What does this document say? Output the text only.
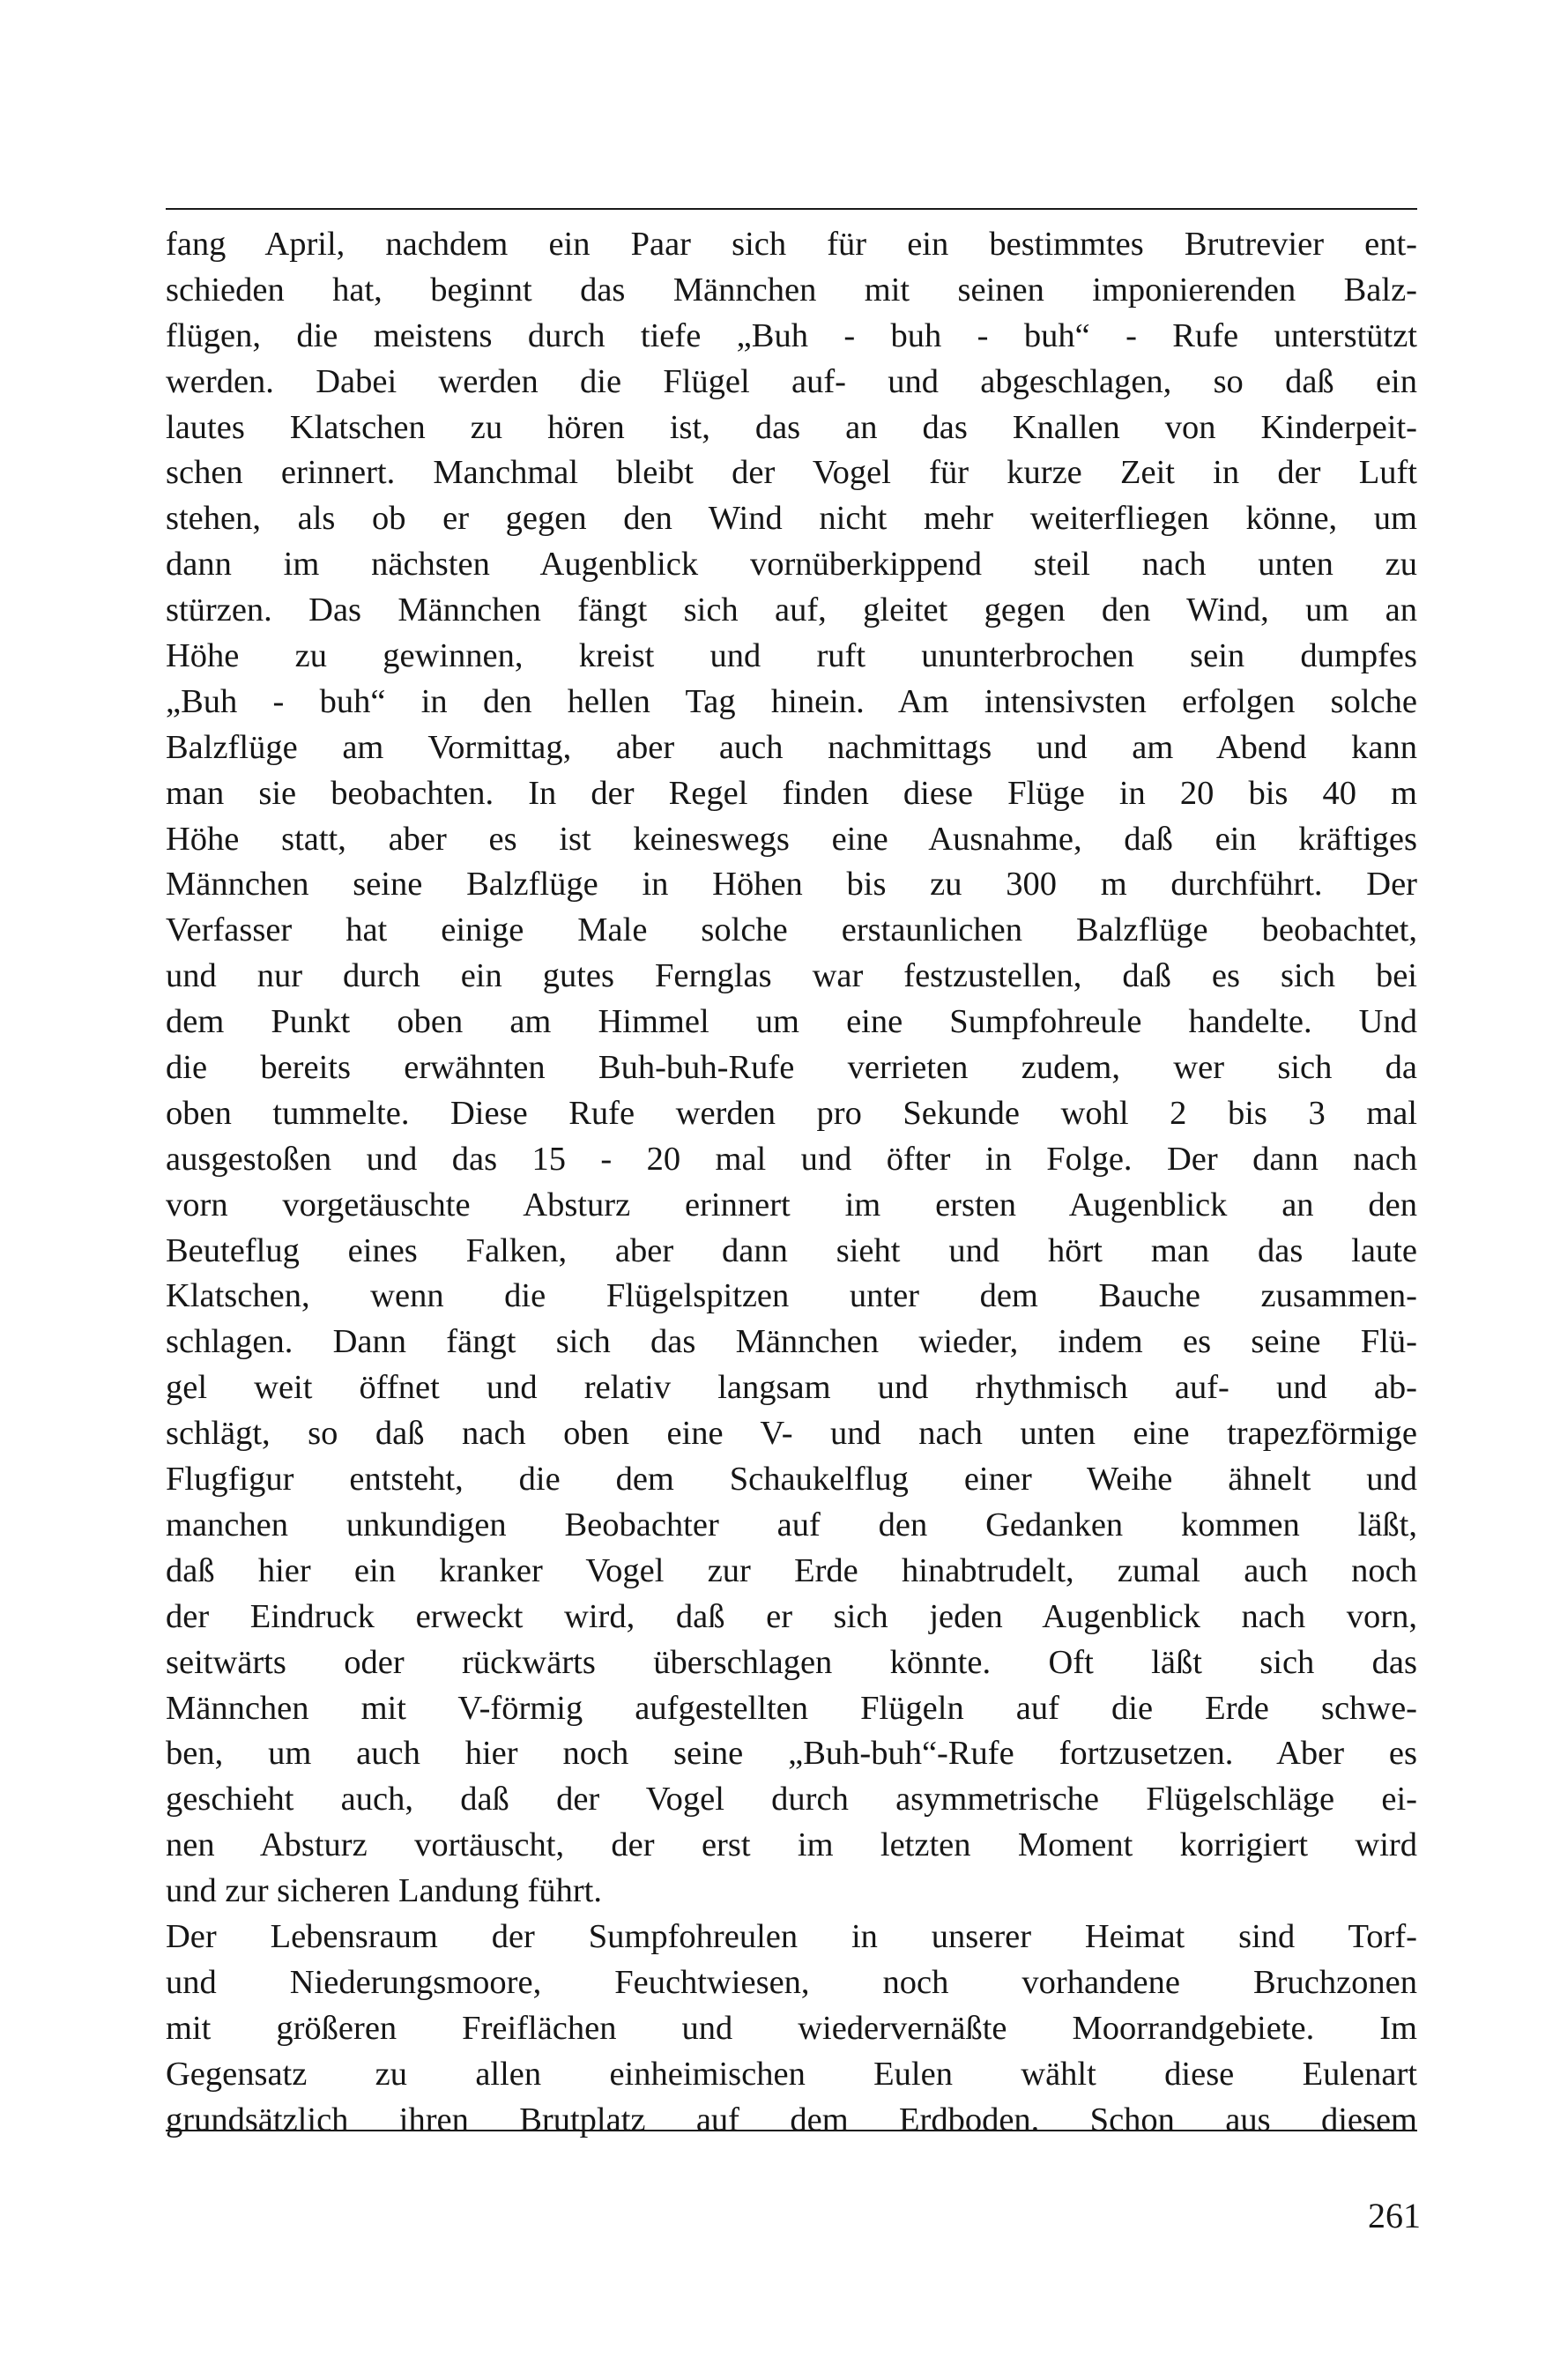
fang April, nachdem ein Paar sich für ein bestimmtes Brutrevier ent-
schieden hat, beginnt das Männchen mit seinen imponierenden Balz-
flügen, die meistens durch tiefe „Buh - buh - buh“ - Rufe unterstützt
werden. Dabei werden die Flügel auf- und abgeschlagen, so daß ein
lautes Klatschen zu hören ist, das an das Knallen von Kinderpeit-
schen erinnert. Manchmal bleibt der Vogel für kurze Zeit in der Luft
stehen, als ob er gegen den Wind nicht mehr weiterfliegen könne, um
dann im nächsten Augenblick vornüberkippend steil nach unten zu
stürzen. Das Männchen fängt sich auf, gleitet gegen den Wind, um an
Höhe zu gewinnen, kreist und ruft ununterbrochen sein dumpfes
„Buh - buh“ in den hellen Tag hinein. Am intensivsten erfolgen solche
Balzflüge am Vormittag, aber auch nachmittags und am Abend kann
man sie beobachten. In der Regel finden diese Flüge in 20 bis 40 m
Höhe statt, aber es ist keineswegs eine Ausnahme, daß ein kräftiges
Männchen seine Balzflüge in Höhen bis zu 300 m durchführt. Der
Verfasser hat einige Male solche erstaunlichen Balzflüge beobachtet,
und nur durch ein gutes Fernglas war festzustellen, daß es sich bei
dem Punkt oben am Himmel um eine Sumpfohreule handelte. Und
die bereits erwähnten Buh-buh-Rufe verrieten zudem, wer sich da
oben tummelte. Diese Rufe werden pro Sekunde wohl 2 bis 3 mal
ausgestoßen und das 15 - 20 mal und öfter in Folge. Der dann nach
vorn vorgetäuschte Absturz erinnert im ersten Augenblick an den
Beuteflug eines Falken, aber dann sieht und hört man das laute
Klatschen, wenn die Flügelspitzen unter dem Bauche zusammen-
schlagen. Dann fängt sich das Männchen wieder, indem es seine Flü-
gel weit öffnet und relativ langsam und rhythmisch auf- und ab-
schlägt, so daß nach oben eine V- und nach unten eine trapezförmige
Flugfigur entsteht, die dem Schaukelflug einer Weihe ähnelt und
manchen unkundigen Beobachter auf den Gedanken kommen läßt,
daß hier ein kranker Vogel zur Erde hinabtrudelt, zumal auch noch
der Eindruck erweckt wird, daß er sich jeden Augenblick nach vorn,
seitwärts oder rückwärts überschlagen könnte. Oft läßt sich das
Männchen mit V-förmig aufgestellten Flügeln auf die Erde schwe-
ben, um auch hier noch seine „Buh-buh“-Rufe fortzusetzen. Aber es
geschieht auch, daß der Vogel durch asymmetrische Flügelschläge ei-
nen Absturz vortäuscht, der erst im letzten Moment korrigiert wird
und zur sicheren Landung führt.
Der Lebensraum der Sumpfohreulen in unserer Heimat sind Torf-
und Niederungsmoore, Feuchtwiesen, noch vorhandene Bruchzonen
mit größeren Freiflächen und wiedervernäßte Moorrandgebiete. Im
Gegensatz zu allen einheimischen Eulen wählt diese Eulenart
grundsätzlich ihren Brutplatz auf dem Erdboden. Schon aus diesem
261
